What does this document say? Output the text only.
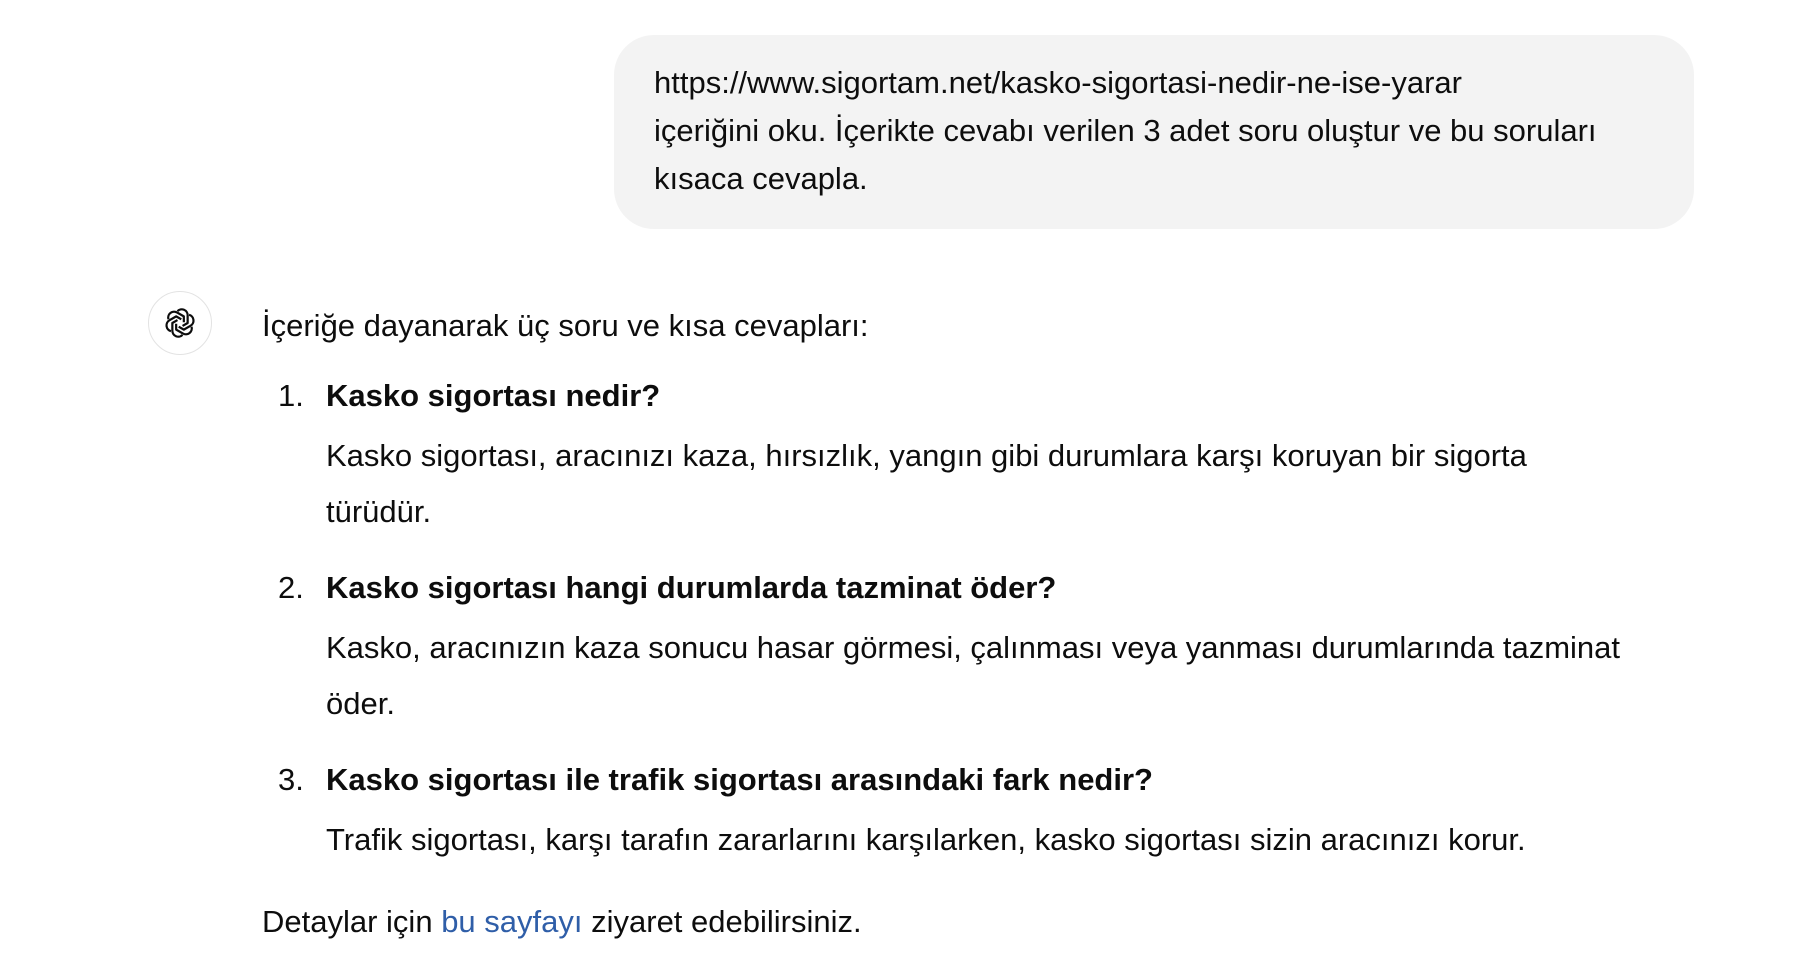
https://www.sigortam.net/kasko-sigortasi-nedir-ne-ise-yarar
içeriğini oku. İçerikte cevabı verilen 3 adet soru oluştur ve bu soruları
kısaca cevapla.

İçeriğe dayanarak üç soru ve kısa cevapları:

1. Kasko sigortası nedir?
Kasko sigortası, aracınızı kaza, hırsızlık, yangın gibi durumlara karşı koruyan bir sigorta
türüdür.
2. Kasko sigortası hangi durumlarda tazminat öder?
Kasko, aracınızın kaza sonucu hasar görmesi, çalınması veya yanması durumlarında tazminat
öder.
3. Kasko sigortası ile trafik sigortası arasındaki fark nedir?
Trafik sigortası, karşı tarafın zararlarını karşılarken, kasko sigortası sizin aracınızı korur.
Detaylar için bu sayfayı ziyaret edebilirsiniz.
